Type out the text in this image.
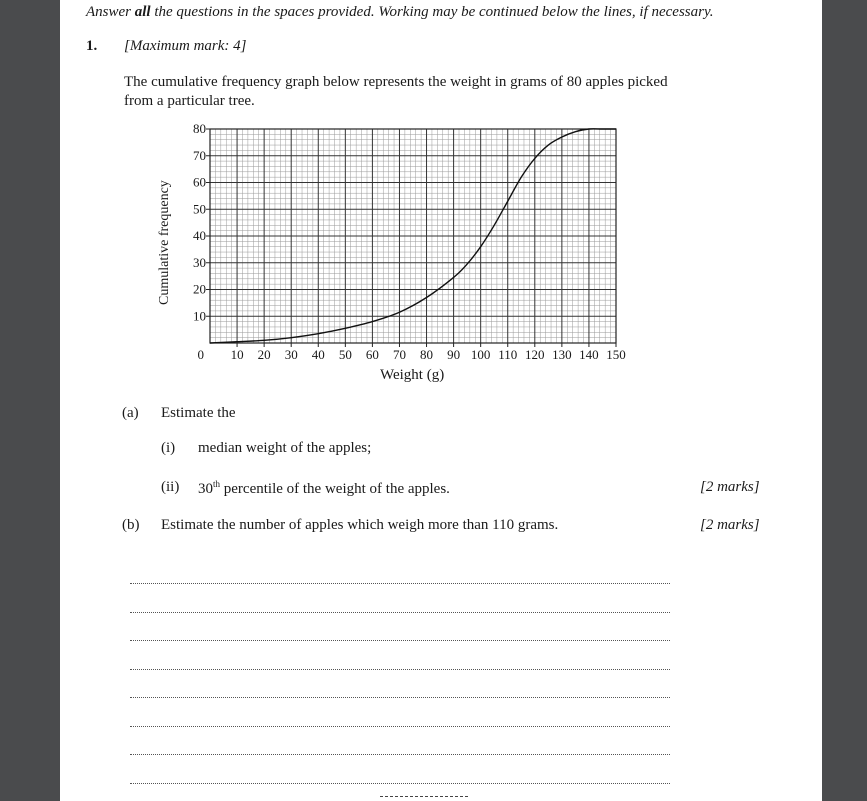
Answer all the questions in the spaces provided. Working may be continued below the lines, if necessary.
1. [Maximum mark: 4]
The cumulative frequency graph below represents the weight in grams of 80 apples picked from a particular tree.
Cumulative frequency
10 20 30 40 50 60 70 80 90 100 110 120 130 140 150
10
20
30
40
50
60
70
80
0
Weight (g)
(a) Estimate the
(i) median weight of the apples;
(ii) 30th percentile of the weight of the apples.	[2 marks]
(b) Estimate the number of apples which weigh more than 110 grams.	[2 marks]
